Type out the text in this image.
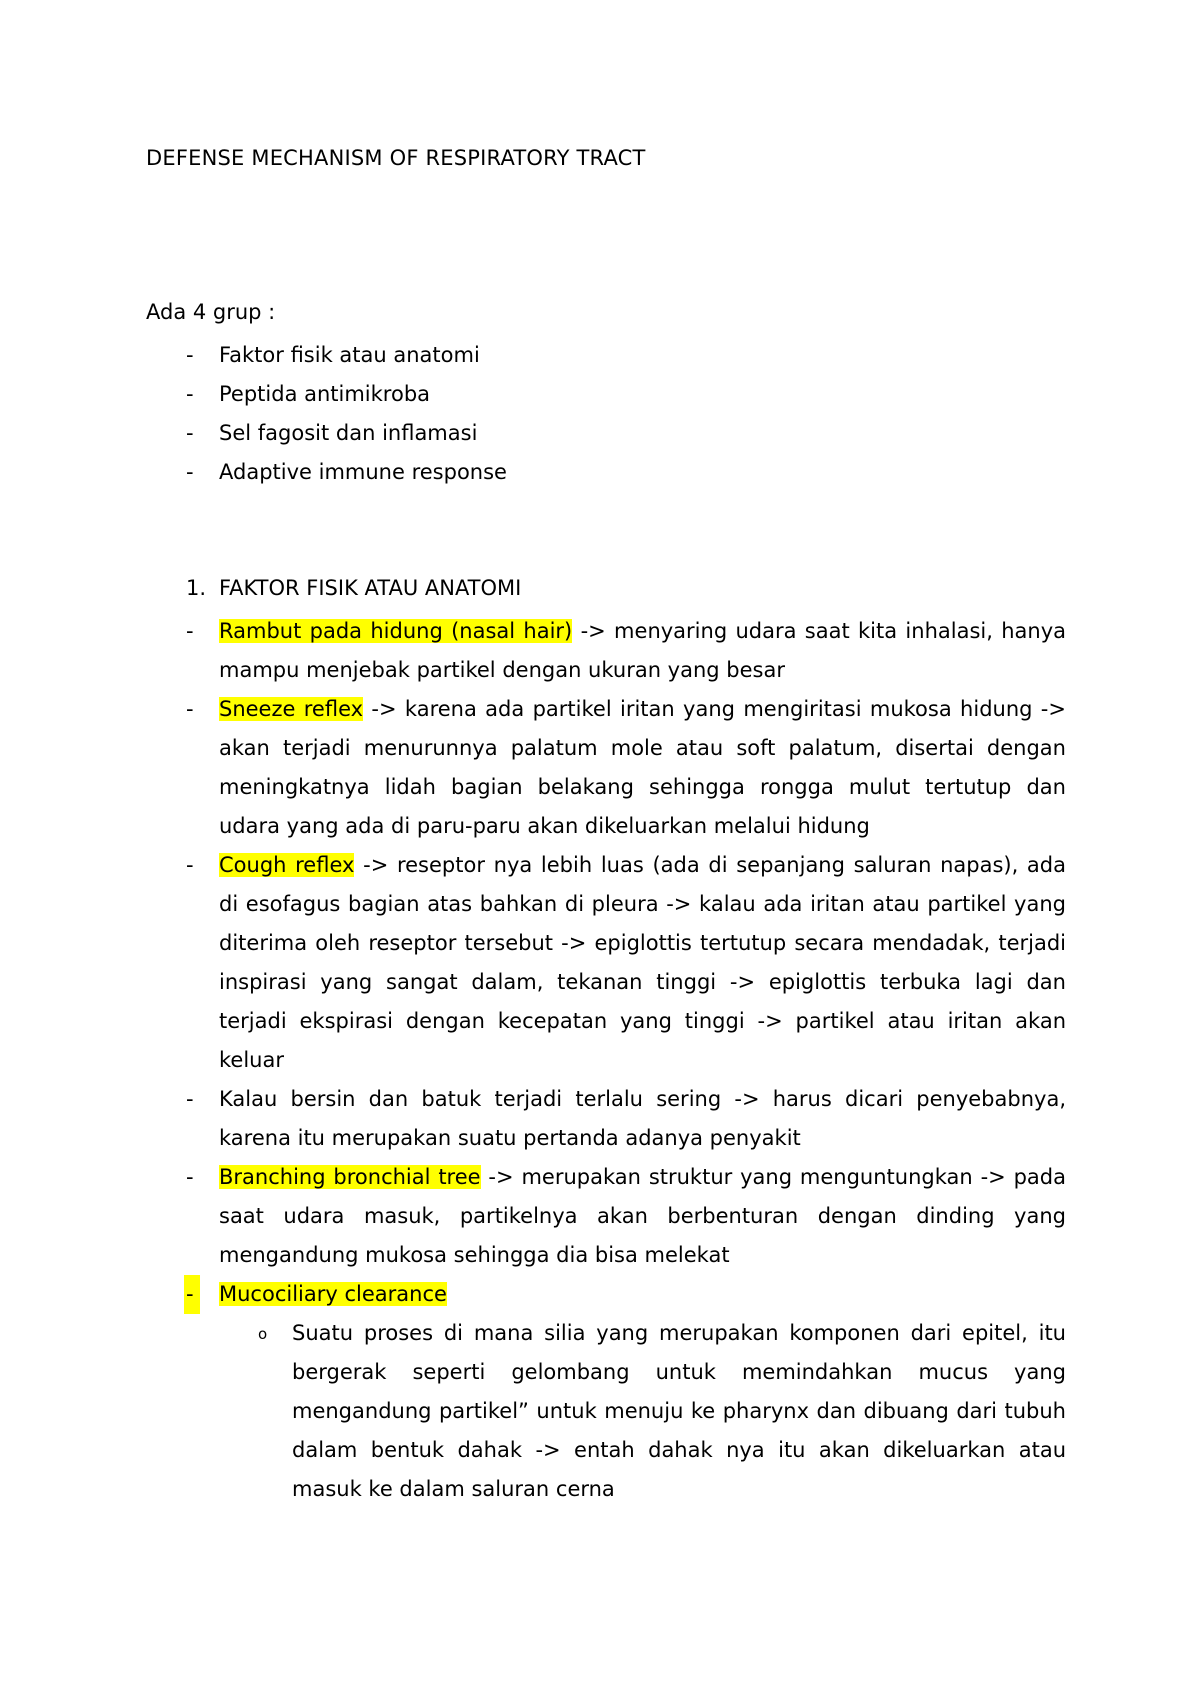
DEFENSE MECHANISM OF RESPIRATORY TRACT
Ada 4 grup :
- Faktor fisik atau anatomi
- Peptida antimikroba
- Sel fagosit dan inflamasi
- Adaptive immune response
1. FAKTOR FISIK ATAU ANATOMI
- Rambut pada hidung (nasal hair) -> menyaring udara saat kita inhalasi, hanya mampu menjebak partikel dengan ukuran yang besar
- Sneeze reflex -> karena ada partikel iritan yang mengiritasi mukosa hidung -> akan terjadi menurunnya palatum mole atau soft palatum, disertai dengan meningkatnya lidah bagian belakang sehingga rongga mulut tertutup dan udara yang ada di paru-paru akan dikeluarkan melalui hidung
- Cough reflex -> reseptor nya lebih luas (ada di sepanjang saluran napas), ada di esofagus bagian atas bahkan di pleura -> kalau ada iritan atau partikel yang diterima oleh reseptor tersebut -> epiglottis tertutup secara mendadak, terjadi inspirasi yang sangat dalam, tekanan tinggi -> epiglottis terbuka lagi dan terjadi ekspirasi dengan kecepatan yang tinggi -> partikel atau iritan akan keluar
- Kalau bersin dan batuk terjadi terlalu sering -> harus dicari penyebabnya, karena itu merupakan suatu pertanda adanya penyakit
- Branching bronchial tree -> merupakan struktur yang menguntungkan -> pada saat udara masuk, partikelnya akan berbenturan dengan dinding yang mengandung mukosa sehingga dia bisa melekat
- Mucociliary clearance
o Suatu proses di mana silia yang merupakan komponen dari epitel, itu bergerak seperti gelombang untuk memindahkan mucus yang mengandung partikel” untuk menuju ke pharynx dan dibuang dari tubuh dalam bentuk dahak -> entah dahak nya itu akan dikeluarkan atau masuk ke dalam saluran cerna
